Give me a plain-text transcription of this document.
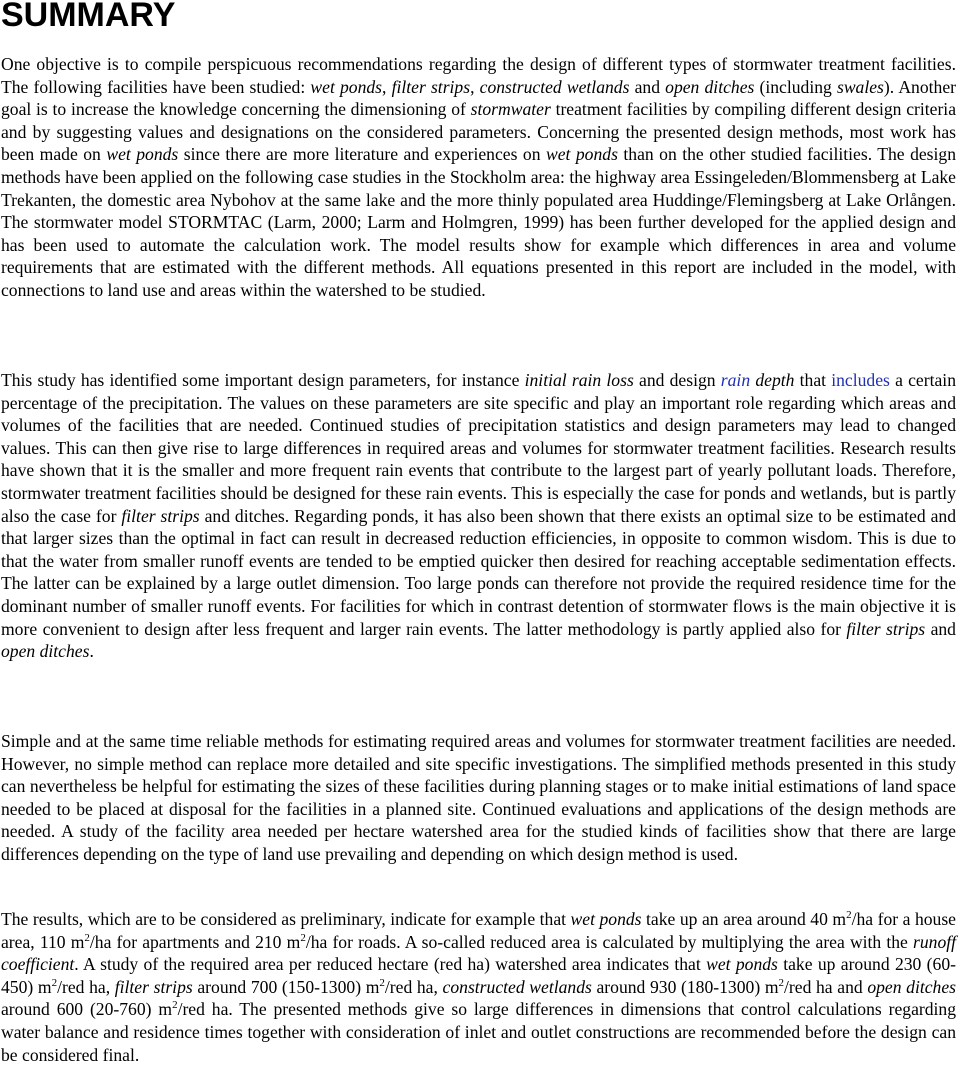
SUMMARY

One objective is to compile perspicuous recommendations regarding the design of different types of stormwater treatment facilities. The following facilities have been studied: wet ponds, filter strips, constructed wetlands and open ditches (including swales). Another goal is to increase the knowledge concerning the dimensioning of stormwater treatment facilities by compiling different design criteria and by suggesting values and designations on the considered parameters. Concerning the presented design methods, most work has been made on wet ponds since there are more literature and experiences on wet ponds than on the other studied facilities. The design methods have been applied on the following case studies in the Stockholm area: the highway area Essingeleden/Blommensberg at Lake Trekanten, the domestic area Nybohov at the same lake and the more thinly populated area Huddinge/Flemingsberg at Lake Orlången. The stormwater model STORMTAC (Larm, 2000; Larm and Holmgren, 1999) has been further developed for the applied design and has been used to automate the calculation work. The model results show for example which differences in area and volume requirements that are estimated with the different methods. All equations presented in this report are included in the model, with connections to land use and areas within the watershed to be studied.

This study has identified some important design parameters, for instance initial rain loss and design rain depth that includes a certain percentage of the precipitation. The values on these parameters are site specific and play an important role regarding which areas and volumes of the facilities that are needed. Continued studies of precipitation statistics and design parameters may lead to changed values. This can then give rise to large differences in required areas and volumes for stormwater treatment facilities. Research results have shown that it is the smaller and more frequent rain events that contribute to the largest part of yearly pollutant loads. Therefore, stormwater treatment facilities should be designed for these rain events. This is especially the case for ponds and wetlands, but is partly also the case for filter strips and ditches. Regarding ponds, it has also been shown that there exists an optimal size to be estimated and that larger sizes than the optimal in fact can result in decreased reduction efficiencies, in opposite to common wisdom. This is due to that the water from smaller runoff events are tended to be emptied quicker then desired for reaching acceptable sedimentation effects. The latter can be explained by a large outlet dimension. Too large ponds can therefore not provide the required residence time for the dominant number of smaller runoff events. For facilities for which in contrast detention of stormwater flows is the main objective it is more convenient to design after less frequent and larger rain events. The latter methodology is partly applied also for filter strips and open ditches.

Simple and at the same time reliable methods for estimating required areas and volumes for stormwater treatment facilities are needed. However, no simple method can replace more detailed and site specific investigations. The simplified methods presented in this study can nevertheless be helpful for estimating the sizes of these facilities during planning stages or to make initial estimations of land space needed to be placed at disposal for the facilities in a planned site. Continued evaluations and applications of the design methods are needed. A study of the facility area needed per hectare watershed area for the studied kinds of facilities show that there are large differences depending on the type of land use prevailing and depending on which design method is used.

The results, which are to be considered as preliminary, indicate for example that wet ponds take up an area around 40 $m^2/ha$ for a house area, 110 $m^2/ha$ for apartments and 210 $m^2/ha$ for roads. A so-called reduced area is calculated by multiplying the area with the runoff coefficient. A study of the required area per reduced hectare (red ha) watershed area indicates that wet ponds take up around 230 (60-450) $m^2$/red ha, filter strips around 700 (150-1300) $m^2$/red ha, constructed wetlands around 930 (180-1300) $m^2$/red ha and open ditches around 600 (20-760) $m^2$/red ha. The presented methods give so large differences in dimensions that control calculations regarding water balance and residence times together with consideration of inlet and outlet constructions are recommended before the design can be considered final.
